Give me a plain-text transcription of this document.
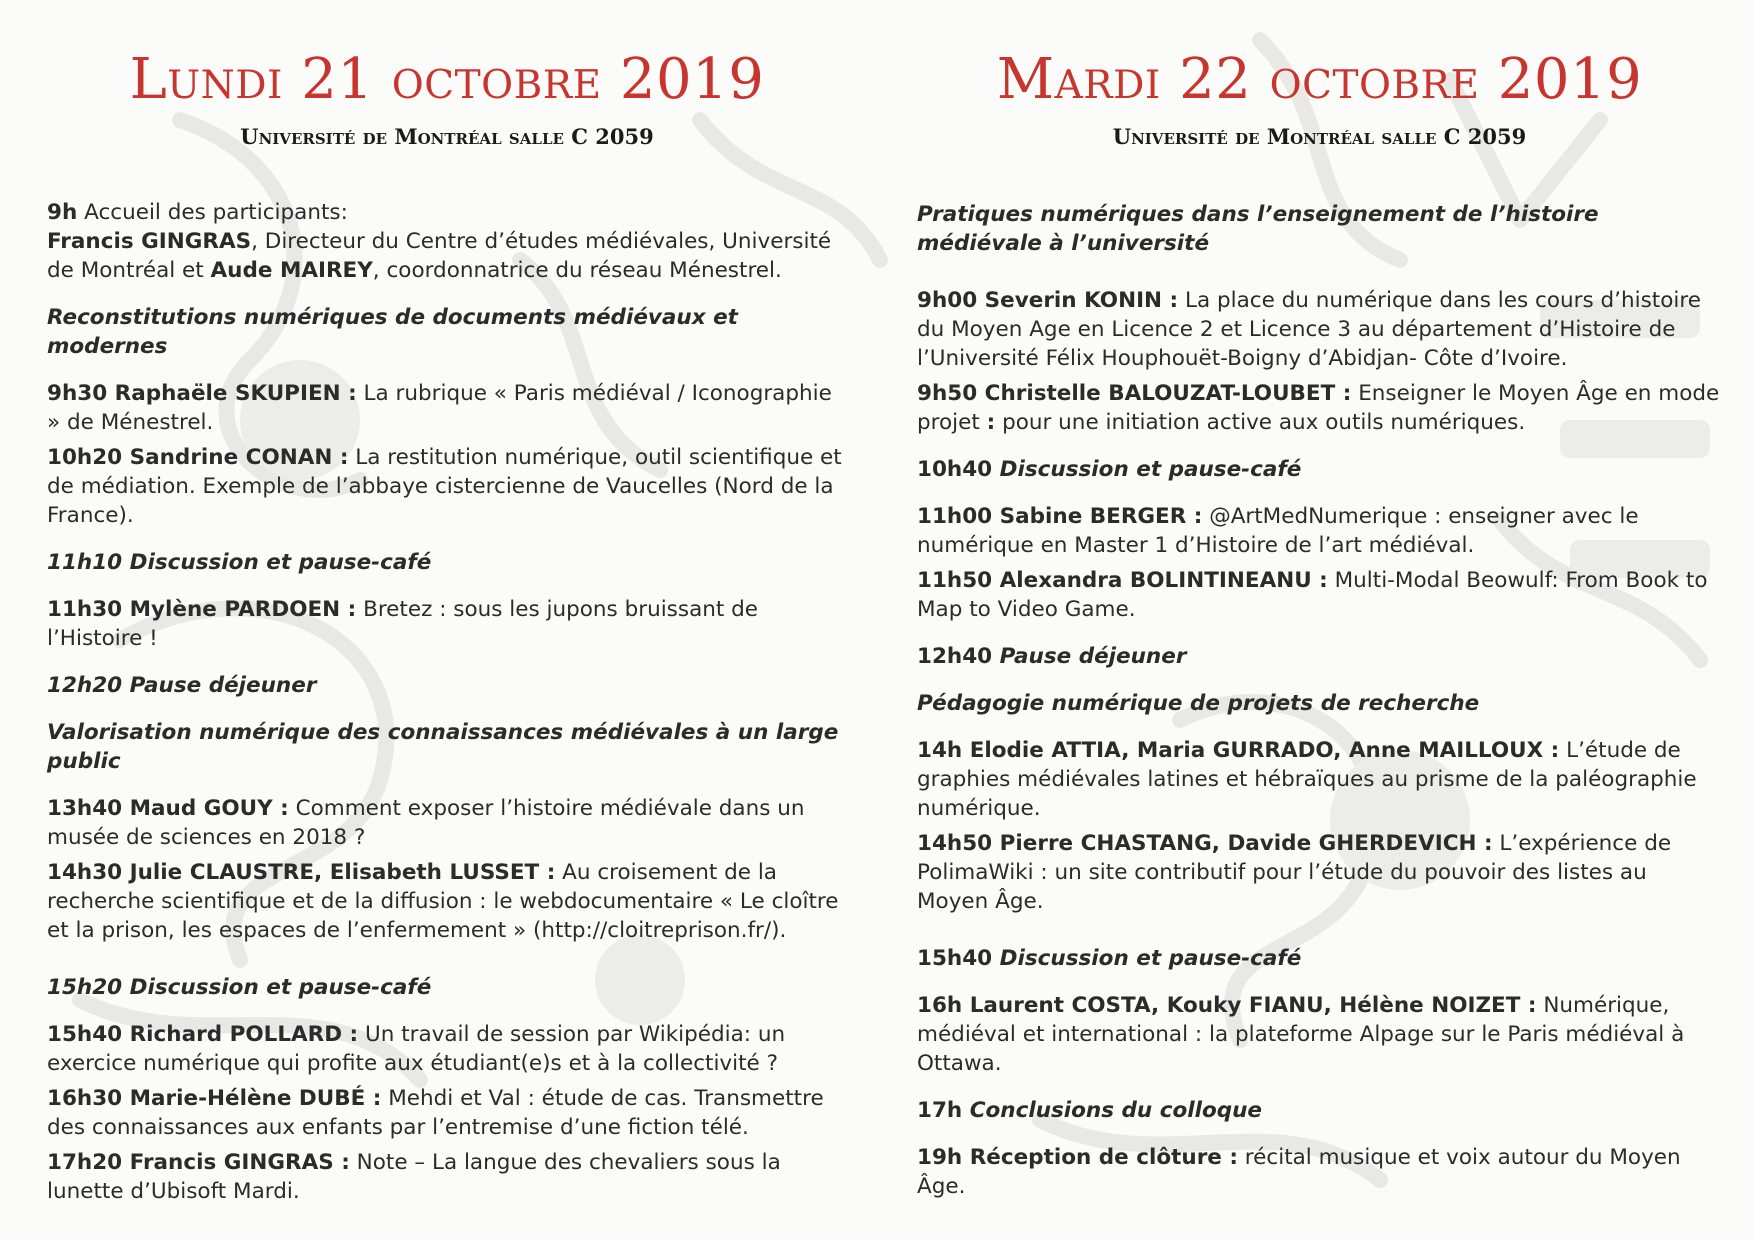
Lundi 21 octobre 2019
Université de Montréal salle C 2059
9h Accueil des participants:
Francis GINGRAS, Directeur du Centre d’études médiévales, Université de Montréal et Aude MAIREY, coordonnatrice du réseau Ménestrel.
Reconstitutions numériques de documents médiévaux et modernes
9h30 Raphaële SKUPIEN : La rubrique « Paris médiéval / Iconographie » de Ménestrel.
10h20 Sandrine CONAN : La restitution numérique, outil scientifique et de médiation. Exemple de l’abbaye cistercienne de Vaucelles (Nord de la France).
11h10 Discussion et pause-café
11h30 Mylène PARDOEN : Bretez : sous les jupons bruissant de l’Histoire !
12h20 Pause déjeuner
Valorisation numérique des connaissances médiévales à un large public
13h40 Maud GOUY : Comment exposer l’histoire médiévale dans un musée de sciences en 2018 ?
14h30 Julie CLAUSTRE, Elisabeth LUSSET : Au croisement de la recherche scientifique et de la diffusion : le webdocumentaire « Le cloître et la prison, les espaces de l’enfermement » (http://cloitreprison.fr/).
15h20 Discussion et pause-café
15h40 Richard POLLARD : Un travail de session par Wikipédia: un exercice numérique qui profite aux étudiant(e)s et à la collectivité ?
16h30 Marie-Hélène DUBÉ : Mehdi et Val : étude de cas. Transmettre des connaissances aux enfants par l’entremise d’une fiction télé.
17h20 Francis GINGRAS : Note – La langue des chevaliers sous la lunette d’Ubisoft Mardi.
Mardi 22 octobre 2019
Université de Montréal salle C 2059
Pratiques numériques dans l’enseignement de l’histoire médiévale à l’université
9h00 Severin KONIN : La place du numérique dans les cours d’histoire du Moyen Age en Licence 2 et Licence 3 au département d’Histoire de l’Université Félix Houphouët-Boigny d’Abidjan- Côte d’Ivoire.
9h50 Christelle BALOUZAT-LOUBET : Enseigner le Moyen Âge en mode projet : pour une initiation active aux outils numériques.
10h40 Discussion et pause-café
11h00 Sabine BERGER : @ArtMedNumerique : enseigner avec le numérique en Master 1 d’Histoire de l’art médiéval.
11h50 Alexandra BOLINTINEANU : Multi-Modal Beowulf: From Book to Map to Video Game.
12h40 Pause déjeuner
Pédagogie numérique de projets de recherche
14h Elodie ATTIA, Maria GURRADO, Anne MAILLOUX : L’étude de graphies médiévales latines et hébraïques au prisme de la paléographie numérique.
14h50 Pierre CHASTANG, Davide GHERDEVICH : L’expérience de PolimaWiki : un site contributif pour l’étude du pouvoir des listes au Moyen Âge.
15h40 Discussion et pause-café
16h Laurent COSTA, Kouky FIANU, Hélène NOIZET : Numérique, médiéval et international : la plateforme Alpage sur le Paris médiéval à Ottawa.
17h Conclusions du colloque
19h Réception de clôture : récital musique et voix autour du Moyen Âge.
